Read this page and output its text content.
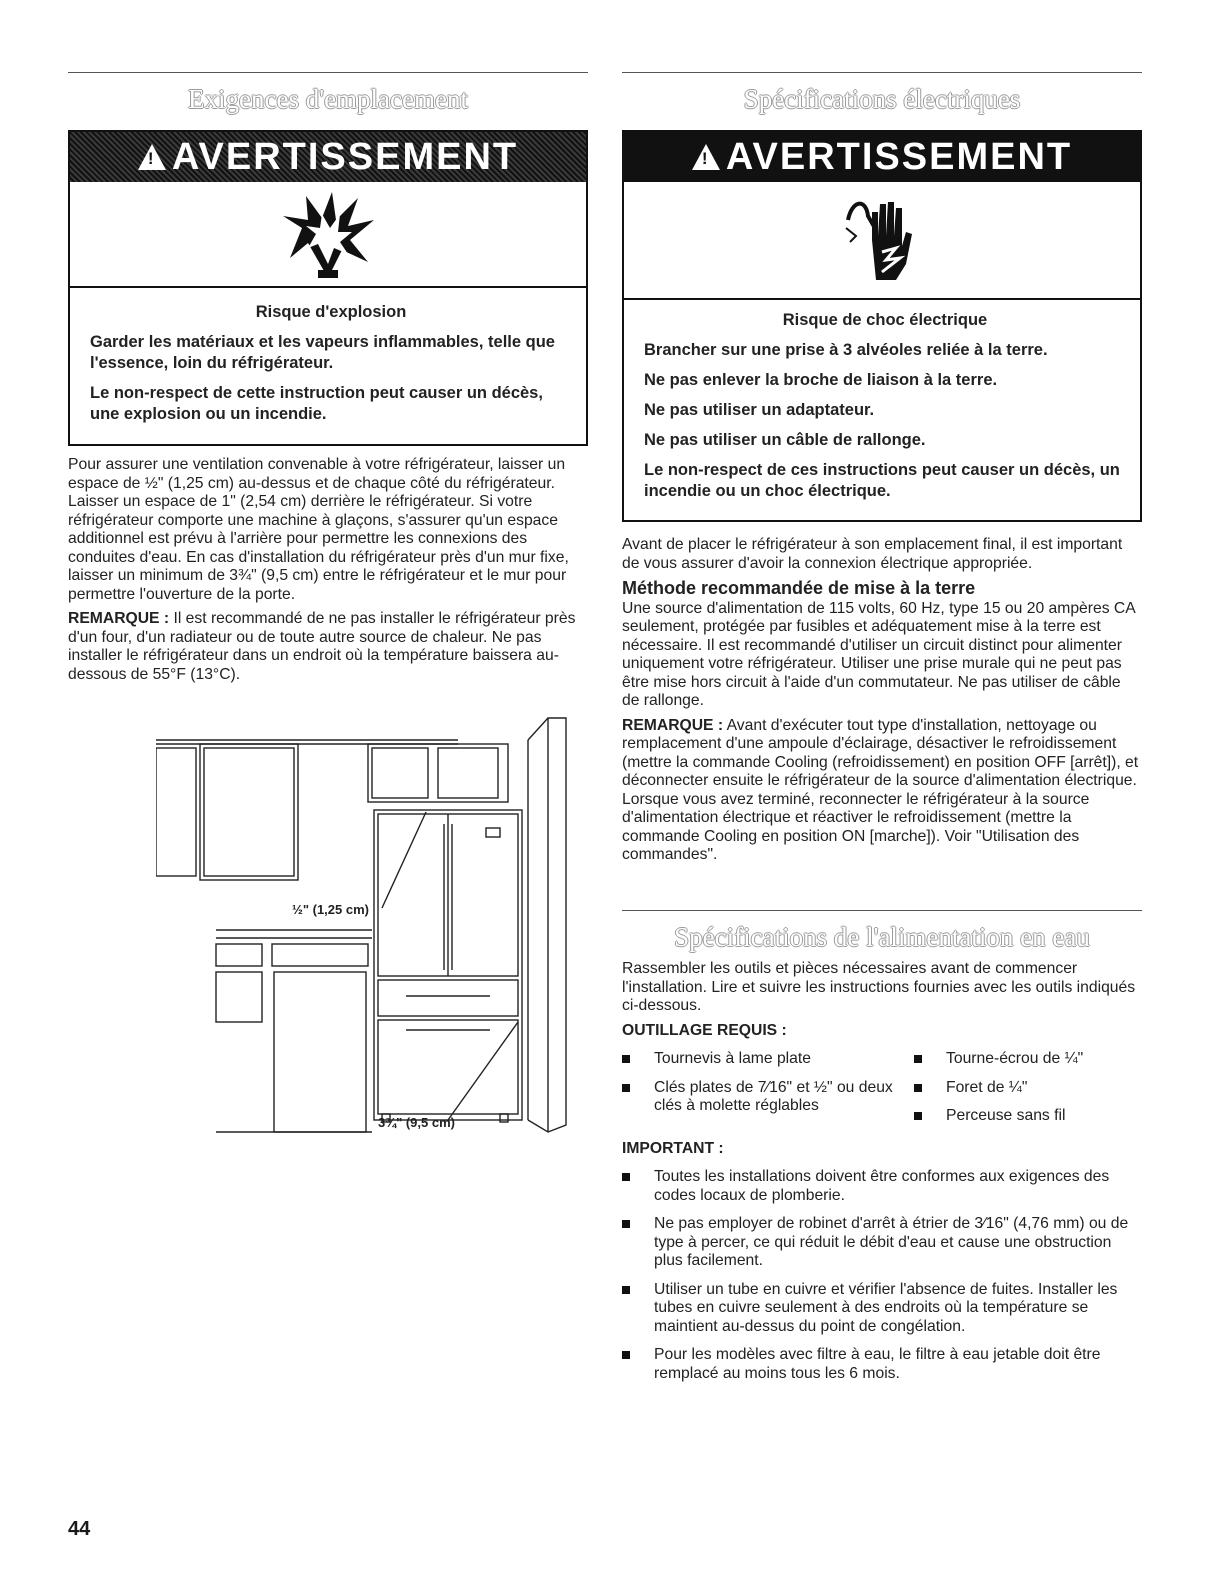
Exigences d'emplacement
!
AVERTISSEMENT

Risque d'explosion

Garder les matériaux et les vapeurs inflammables, telle que l'essence, loin du réfrigérateur.

Le non-respect de cette instruction peut causer un décès, une explosion ou un incendie.

Pour assurer une ventilation convenable à votre réfrigérateur, laisser un espace de ½" (1,25 cm) au-dessus et de chaque côté du réfrigérateur. Laisser un espace de 1" (2,54 cm) derrière le réfrigérateur. Si votre réfrigérateur comporte une machine à glaçons, s'assurer qu'un espace additionnel est prévu à l'arrière pour permettre les connexions des conduites d'eau. En cas d'installation du réfrigérateur près d'un mur fixe, laisser un minimum de 3¾" (9,5 cm) entre le réfrigérateur et le mur pour permettre l'ouverture de la porte.

REMARQUE : Il est recommandé de ne pas installer le réfrigérateur près d'un four, d'un radiateur ou de toute autre source de chaleur. Ne pas installer le réfrigérateur dans un endroit où la température baissera au-dessous de 55°F (13°C).

½" (1,25 cm)
3¾" (9,5 cm)
Spécifications électriques
!
AVERTISSEMENT

Risque de choc électrique

Brancher sur une prise à 3 alvéoles reliée à la terre.

Ne pas enlever la broche de liaison à la terre.

Ne pas utiliser un adaptateur.

Ne pas utiliser un câble de rallonge.

Le non-respect de ces instructions peut causer un décès, un incendie ou un choc électrique.

Avant de placer le réfrigérateur à son emplacement final, il est important de vous assurer d'avoir la connexion électrique appropriée.

Méthode recommandée de mise à la terre

Une source d'alimentation de 115 volts, 60 Hz, type 15 ou 20 ampères CA seulement, protégée par fusibles et adéquatement mise à la terre est nécessaire. Il est recommandé d'utiliser un circuit distinct pour alimenter uniquement votre réfrigérateur. Utiliser une prise murale qui ne peut pas être mise hors circuit à l'aide d'un commutateur. Ne pas utiliser de câble de rallonge.

REMARQUE : Avant d'exécuter tout type d'installation, nettoyage ou remplacement d'une ampoule d'éclairage, désactiver le refroidissement (mettre la commande Cooling (refroidissement) en position OFF [arrêt]), et déconnecter ensuite le réfrigérateur de la source d'alimentation électrique. Lorsque vous avez terminé, reconnecter le réfrigérateur à la source d'alimentation électrique et réactiver le refroidissement (mettre la commande Cooling en position ON [marche]). Voir "Utilisation des commandes".

Spécifications de l'alimentation en eau

Rassembler les outils et pièces nécessaires avant de commencer l'installation. Lire et suivre les instructions fournies avec les outils indiqués ci-dessous.

OUTILLAGE REQUIS :
Tournevis à lame plate
Clés plates de 7⁄16" et ½" ou deux clés à molette réglables
Tourne-écrou de ¼"
Foret de ¼"
Perceuse sans fil
IMPORTANT :
Toutes les installations doivent être conformes aux exigences des codes locaux de plomberie.
Ne pas employer de robinet d'arrêt à étrier de 3⁄16" (4,76 mm) ou de type à percer, ce qui réduit le débit d'eau et cause une obstruction plus facilement.
Utiliser un tube en cuivre et vérifier l'absence de fuites. Installer les tubes en cuivre seulement à des endroits où la température se maintient au-dessus du point de congélation.
Pour les modèles avec filtre à eau, le filtre à eau jetable doit être remplacé au moins tous les 6 mois.
44
